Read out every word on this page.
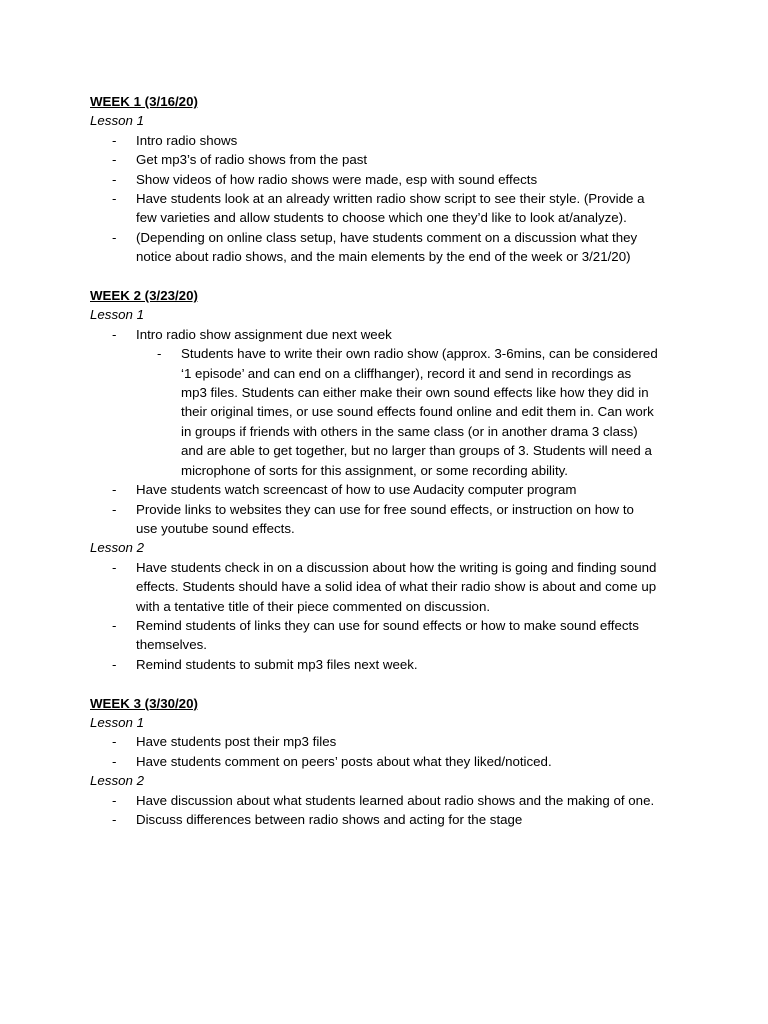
WEEK 1 (3/16/20)
Lesson 1
- Intro radio shows
- Get mp3’s of radio shows from the past
- Show videos of how radio shows were made, esp with sound effects
- Have students look at an already written radio show script to see their style. (Provide a
few varieties and allow students to choose which one they’d like to look at/analyze).
- (Depending on online class setup, have students comment on a discussion what they
notice about radio shows, and the main elements by the end of the week or 3/21/20)
WEEK 2 (3/23/20)
Lesson 1
- Intro radio show assignment due next week
- Students have to write their own radio show (approx. 3-6mins, can be considered
‘1 episode’ and can end on a cliffhanger), record it and send in recordings as
mp3 files. Students can either make their own sound effects like how they did in
their original times, or use sound effects found online and edit them in. Can work
in groups if friends with others in the same class (or in another drama 3 class)
and are able to get together, but no larger than groups of 3. Students will need a
microphone of sorts for this assignment, or some recording ability.
- Have students watch screencast of how to use Audacity computer program
- Provide links to websites they can use for free sound effects, or instruction on how to
use youtube sound effects.
Lesson 2
- Have students check in on a discussion about how the writing is going and finding sound
effects. Students should have a solid idea of what their radio show is about and come up
with a tentative title of their piece commented on discussion.
- Remind students of links they can use for sound effects or how to make sound effects
themselves.
- Remind students to submit mp3 files next week.
WEEK 3 (3/30/20)
Lesson 1
- Have students post their mp3 files
- Have students comment on peers’ posts about what they liked/noticed.
Lesson 2
- Have discussion about what students learned about radio shows and the making of one.
- Discuss differences between radio shows and acting for the stage
